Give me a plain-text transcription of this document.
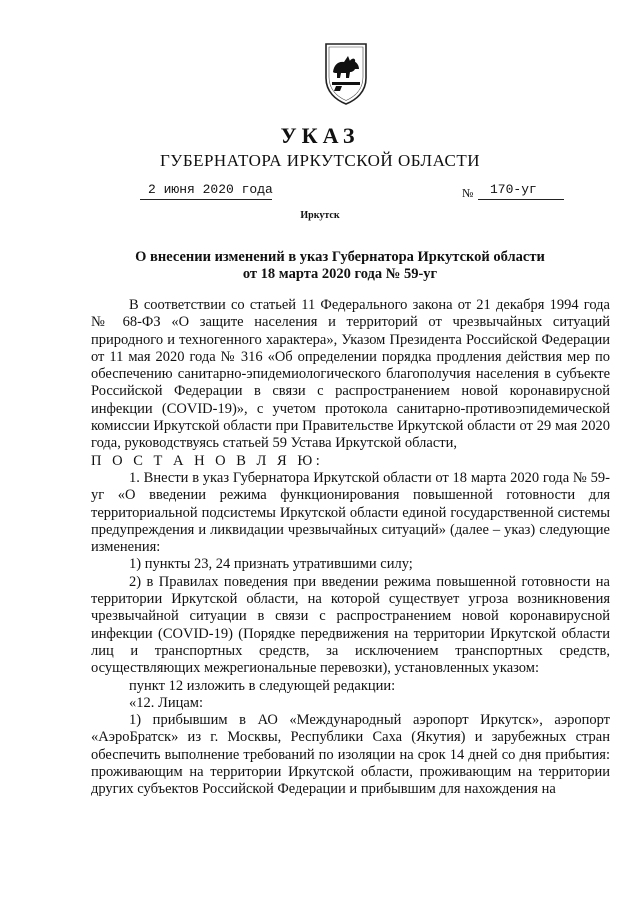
УКАЗ
ГУБЕРНАТОРА ИРКУТСКОЙ ОБЛАСТИ
2 июня 2020 года	№ 170-уг
Иркутск
О внесении изменений в указ Губернатора Иркутской области
от 18 марта 2020 года № 59-уг

В соответствии со статьей 11 Федерального закона от 21 декабря 1994 года № 68-ФЗ «О защите населения и территорий от чрезвычайных ситуаций природного и техногенного характера», Указом Президента Российской Федерации от 11 мая 2020 года № 316 «Об определении порядка продления действия мер по обеспечению санитарно-эпидемиологического благополучия населения в субъекте Российской Федерации в связи с распространением новой коронавирусной инфекции (COVID-19)», с учетом протокола санитарно-противоэпидемической комиссии Иркутской области при Правительстве Иркутской области от 29 мая 2020 года, руководствуясь статьей 59 Устава Иркутской области,

П О С Т А Н О В Л Я Ю:

1. Внести в указ Губернатора Иркутской области от 18 марта 2020 года № 59-уг «О введении режима функционирования повышенной готовности для территориальной подсистемы Иркутской области единой государственной системы предупреждения и ликвидации чрезвычайных ситуаций» (далее – указ) следующие изменения:

1) пункты 23, 24 признать утратившими силу;

2) в Правилах поведения при введении режима повышенной готовности на территории Иркутской области, на которой существует угроза возникновения чрезвычайной ситуации в связи с распространением новой коронавирусной инфекции (COVID-19) (Порядке передвижения на территории Иркутской области лиц и транспортных средств, за исключением транспортных средств, осуществляющих межрегиональные перевозки), установленных указом:

пункт 12 изложить в следующей редакции:

«12. Лицам:

1) прибывшим в АО «Международный аэропорт Иркутск», аэропорт «АэроБратск» из г. Москвы, Республики Саха (Якутия) и зарубежных стран обеспечить выполнение требований по изоляции на срок 14 дней со дня прибытия: проживающим на территории Иркутской области, проживающим на территории других субъектов Российской Федерации и прибывшим для нахождения на
